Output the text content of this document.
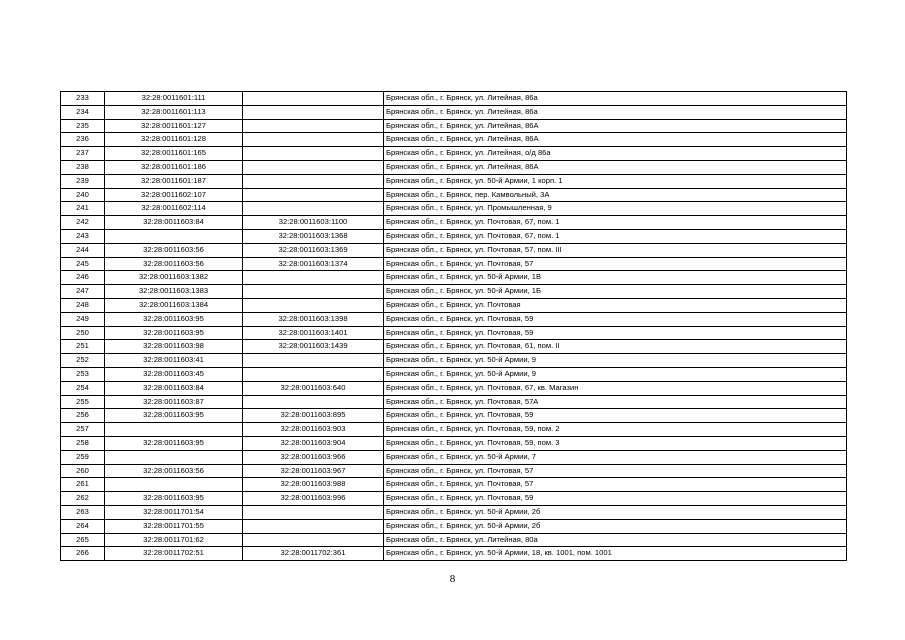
233	32:28:0011601:111		Брянская обл., г. Брянск, ул. Литейная, 86а
234	32:28:0011601:113		Брянская обл., г. Брянск, ул. Литейная, 86а
235	32:28:0011601:127		Брянская обл., г. Брянск, ул. Литейная, 86А
236	32:28:0011601:128		Брянская обл., г. Брянск, ул. Литейная, 86А
237	32:28:0011601:165		Брянская обл., г. Брянск, ул. Литейная, о/д 86а
238	32:28:0011601:186		Брянская обл., г. Брянск, ул. Литейная, 86А
239	32:28:0011601:187		Брянская обл., г. Брянск, ул. 50-й Армии, 1 корп. 1
240	32:28:0011602:107		Брянская обл., г. Брянск, пер. Камвольный, 3А
241	32:28:0011602:114		Брянская обл., г. Брянск, ул. Промышленная, 9
242	32:28:0011603:84	32:28:0011603:1100	Брянская обл., г. Брянск, ул. Почтовая, 67, пом. 1
243		32:28:0011603:1368	Брянская обл., г. Брянск, ул. Почтовая, 67, пом. 1
244	32:28:0011603:56	32:28:0011603:1369	Брянская обл., г. Брянск, ул. Почтовая, 57, пом. III
245	32:28:0011603:56	32:28:0011603:1374	Брянская обл., г. Брянск, ул. Почтовая, 57
246	32:28:0011603:1382		Брянская обл., г. Брянск, ул. 50-й Армии, 1В
247	32:28:0011603:1383		Брянская обл., г. Брянск, ул. 50-й Армии, 1Б
248	32:28:0011603:1384		Брянская обл., г. Брянск, ул. Почтовая
249	32:28:0011603:95	32:28:0011603:1398	Брянская обл., г. Брянск, ул. Почтовая, 59
250	32:28:0011603:95	32:28:0011603:1401	Брянская обл., г. Брянск, ул. Почтовая, 59
251	32:28:0011603:98	32:28:0011603:1439	Брянская обл., г. Брянск, ул. Почтовая, 61, пом. II
252	32:28:0011603:41		Брянская обл., г. Брянск, ул. 50-й Армии, 9
253	32:28:0011603:45		Брянская обл., г. Брянск, ул. 50-й Армии, 9
254	32:28:0011603:84	32:28:0011603:640	Брянская обл., г. Брянск, ул. Почтовая, 67, кв. Магазин
255	32:28:0011603:87		Брянская обл., г. Брянск, ул. Почтовая, 57А
256	32:28:0011603:95	32:28:0011603:895	Брянская обл., г. Брянск, ул. Почтовая, 59
257		32:28:0011603:903	Брянская обл., г. Брянск, ул. Почтовая, 59, пом. 2
258	32:28:0011603:95	32:28:0011603:904	Брянская обл., г. Брянск, ул. Почтовая, 59, пом. 3
259		32:28:0011603:966	Брянская обл., г. Брянск, ул. 50-й Армии, 7
260	32:28:0011603:56	32:28:0011603:967	Брянская обл., г. Брянск, ул. Почтовая, 57
261		32:28:0011603:988	Брянская обл., г. Брянск, ул. Почтовая, 57
262	32:28:0011603:95	32:28:0011603:996	Брянская обл., г. Брянск, ул. Почтовая, 59
263	32:28:0011701:54		Брянская обл., г. Брянск, ул. 50-й Армии, 2б
264	32:28:0011701:55		Брянская обл., г. Брянск, ул. 50-й Армии, 2б
265	32:28:0011701:62		Брянская обл., г. Брянск, ул. Литейная, 80а
266	32:28:0011702:51	32:28:0011702:361	Брянская обл., г. Брянск, ул. 50-й Армии, 18, кв. 1001, пом. 1001
8
